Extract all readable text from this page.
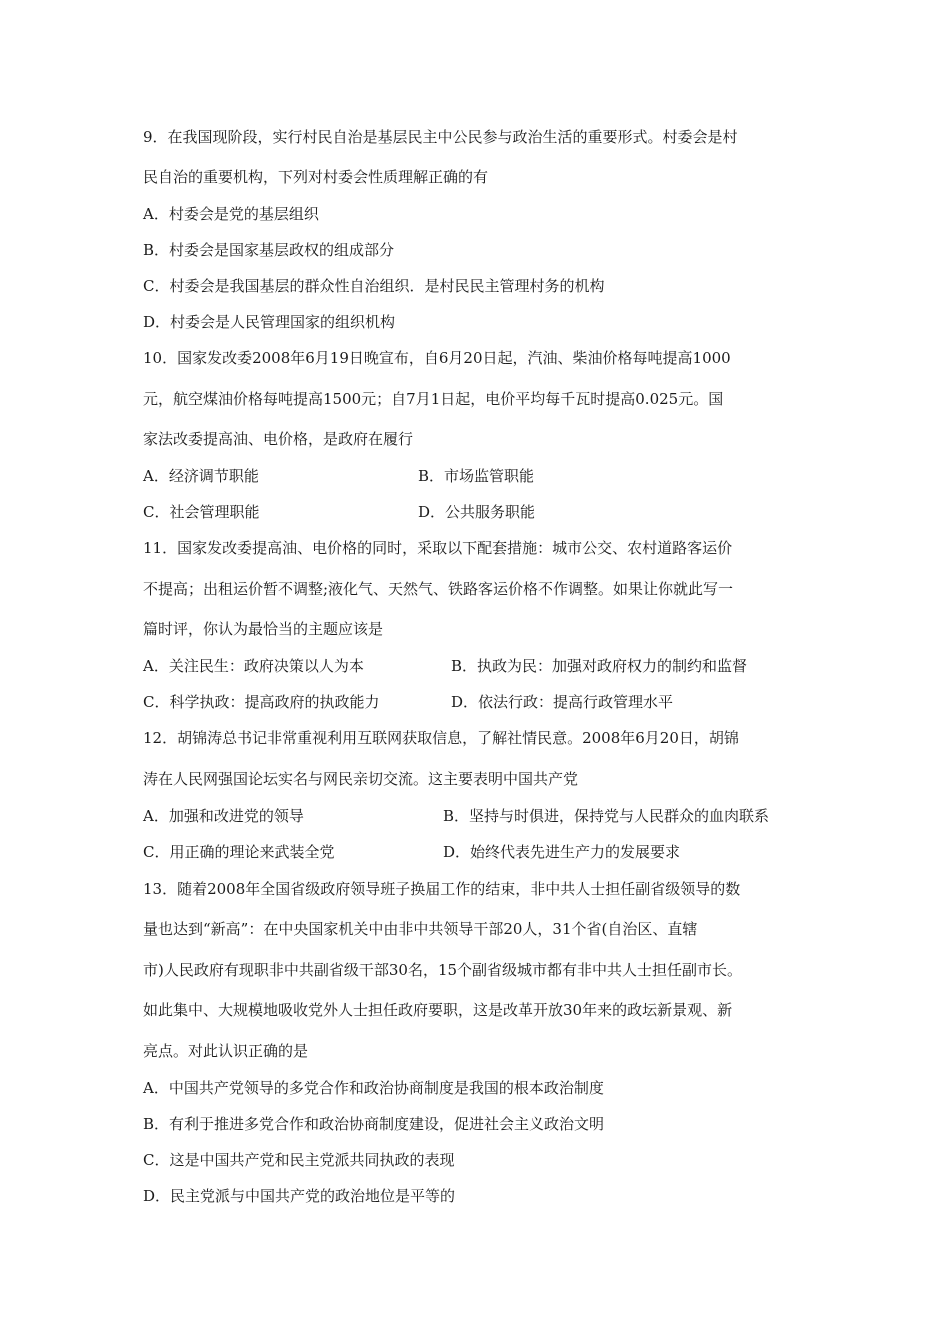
9．在我国现阶段，实行村民自治是基层民主中公民参与政治生活的重要形式。村委会是村
民自治的重要机构，下列对村委会性质理解正确的有
A．村委会是党的基层组织
B．村委会是国家基层政权的组成部分
C．村委会是我国基层的群众性自治组织．是村民民主管理村务的机构
D．村委会是人民管理国家的组织机构
10．国家发改委2008年6月19日晚宣布，自6月20日起，汽油、柴油价格每吨提高1000
元，航空煤油价格每吨提高1500元；自7月1日起，电价平均每千瓦时提高0.025元。国
家法改委提高油、电价格，是政府在履行
A．经济调节职能	B．市场监管职能
C．社会管理职能	D．公共服务职能
11．国家发改委提高油、电价格的同时，采取以下配套措施：城市公交、农村道路客运价
不提高；出租运价暂不调整;液化气、天然气、铁路客运价格不作调整。如果让你就此写一
篇时评，你认为最恰当的主题应该是
A．关注民生：政府决策以人为本	B．执政为民：加强对政府权力的制约和监督
C．科学执政：提高政府的执政能力	D．依法行政：提高行政管理水平
12．胡锦涛总书记非常重视利用互联网获取信息，了解社情民意。2008年6月20日，胡锦
涛在人民网强国论坛实名与网民亲切交流。这主要表明中国共产党
A．加强和改进党的领导	B．坚持与时俱进，保持党与人民群众的血肉联系
C．用正确的理论来武装全党	D．始终代表先进生产力的发展要求
13．随着2008年全国省级政府领导班子换届工作的结束，非中共人士担任副省级领导的数
量也达到“新高”：在中央国家机关中由非中共领导干部20人，31个省(自治区、直辖
市)人民政府有现职非中共副省级干部30名，15个副省级城市都有非中共人士担任副市长。
如此集中、大规模地吸收党外人士担任政府要职，这是改革开放30年来的政坛新景观、新
亮点。对此认识正确的是
A．中国共产党领导的多党合作和政治协商制度是我国的根本政治制度
B．有利于推进多党合作和政治协商制度建设，促进社会主义政治文明
C．这是中国共产党和民主党派共同执政的表现
D．民主党派与中国共产党的政治地位是平等的
